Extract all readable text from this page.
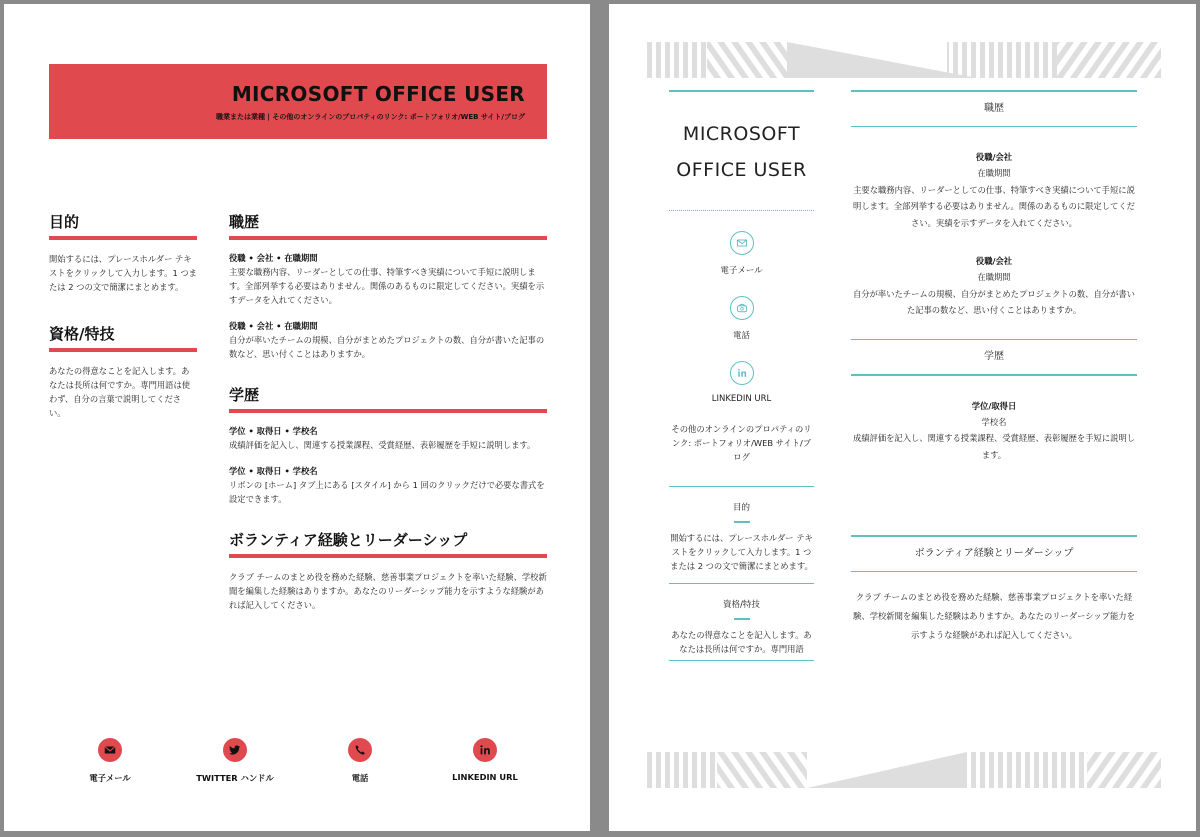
MICROSOFT OFFICE USER
職業または業種 | その他のオンラインのプロパティのリンク: ポートフォリオ/WEB サイト/ブログ
目的

開始するには、プレースホルダー テキストをクリックして入力します。1 つまたは 2 つの文で簡潔にまとめます。

資格/特技

あなたの得意なことを記入します。あなたは長所は何ですか。専門用語は使わず、自分の言葉で説明してください。

職歴

役職 • 会社 • 在職期間

主要な職務内容、リーダーとしての仕事、特筆すべき実績について手短に説明します。全部列挙する必要はありません。関係のあるものに限定してください。実績を示すデータを入れてください。

役職 • 会社 • 在職期間

自分が率いたチームの規模、自分がまとめたプロジェクトの数、自分が書いた記事の数など、思い付くことはありますか。

学歴

学位 • 取得日 • 学校名

成績評価を記入し、関連する授業課程、受賞経歴、表彰履歴を手短に説明します。

学位 • 取得日 • 学校名

リボンの [ホーム] タブ上にある [スタイル] から 1 回のクリックだけで必要な書式を設定できます。

ボランティア経験とリーダーシップ

クラブ チームのまとめ役を務めた経験、慈善事業プロジェクトを率いた経験、学校新聞を編集した経験はありますか。あなたのリーダーシップ能力を示すような経験があれば記入してください。

電子メール	TWITTER ハンドル	電話	LINKEDIN URL
MICROSOFT
OFFICE USER
電子メール
電話
LINKEDIN URL
その他のオンラインのプロパティのリンク: ポートフォリオ/WEB サイト/ブログ
目的
開始するには、プレースホルダー テキストをクリックして入力します。1 つまたは 2 つの文で簡潔にまとめます。
資格/特技
あなたの得意なことを記入します。あなたは長所は何ですか。専門用語
職歴

役職/会社

在職期間

主要な職務内容、リーダーとしての仕事、特筆すべき実績について手短に説明します。全部列挙する必要はありません。関係のあるものに限定してください。実績を示すデータを入れてください。

役職/会社

在職期間

自分が率いたチームの規模、自分がまとめたプロジェクトの数、自分が書いた記事の数など、思い付くことはありますか。

学歴

学位/取得日

学校名

成績評価を記入し、関連する授業課程、受賞経歴、表彰履歴を手短に説明します。

ボランティア経験とリーダーシップ

クラブ チームのまとめ役を務めた経験、慈善事業プロジェクトを率いた経験、学校新聞を編集した経験はありますか。あなたのリーダーシップ能力を示すような経験があれば記入してください。
